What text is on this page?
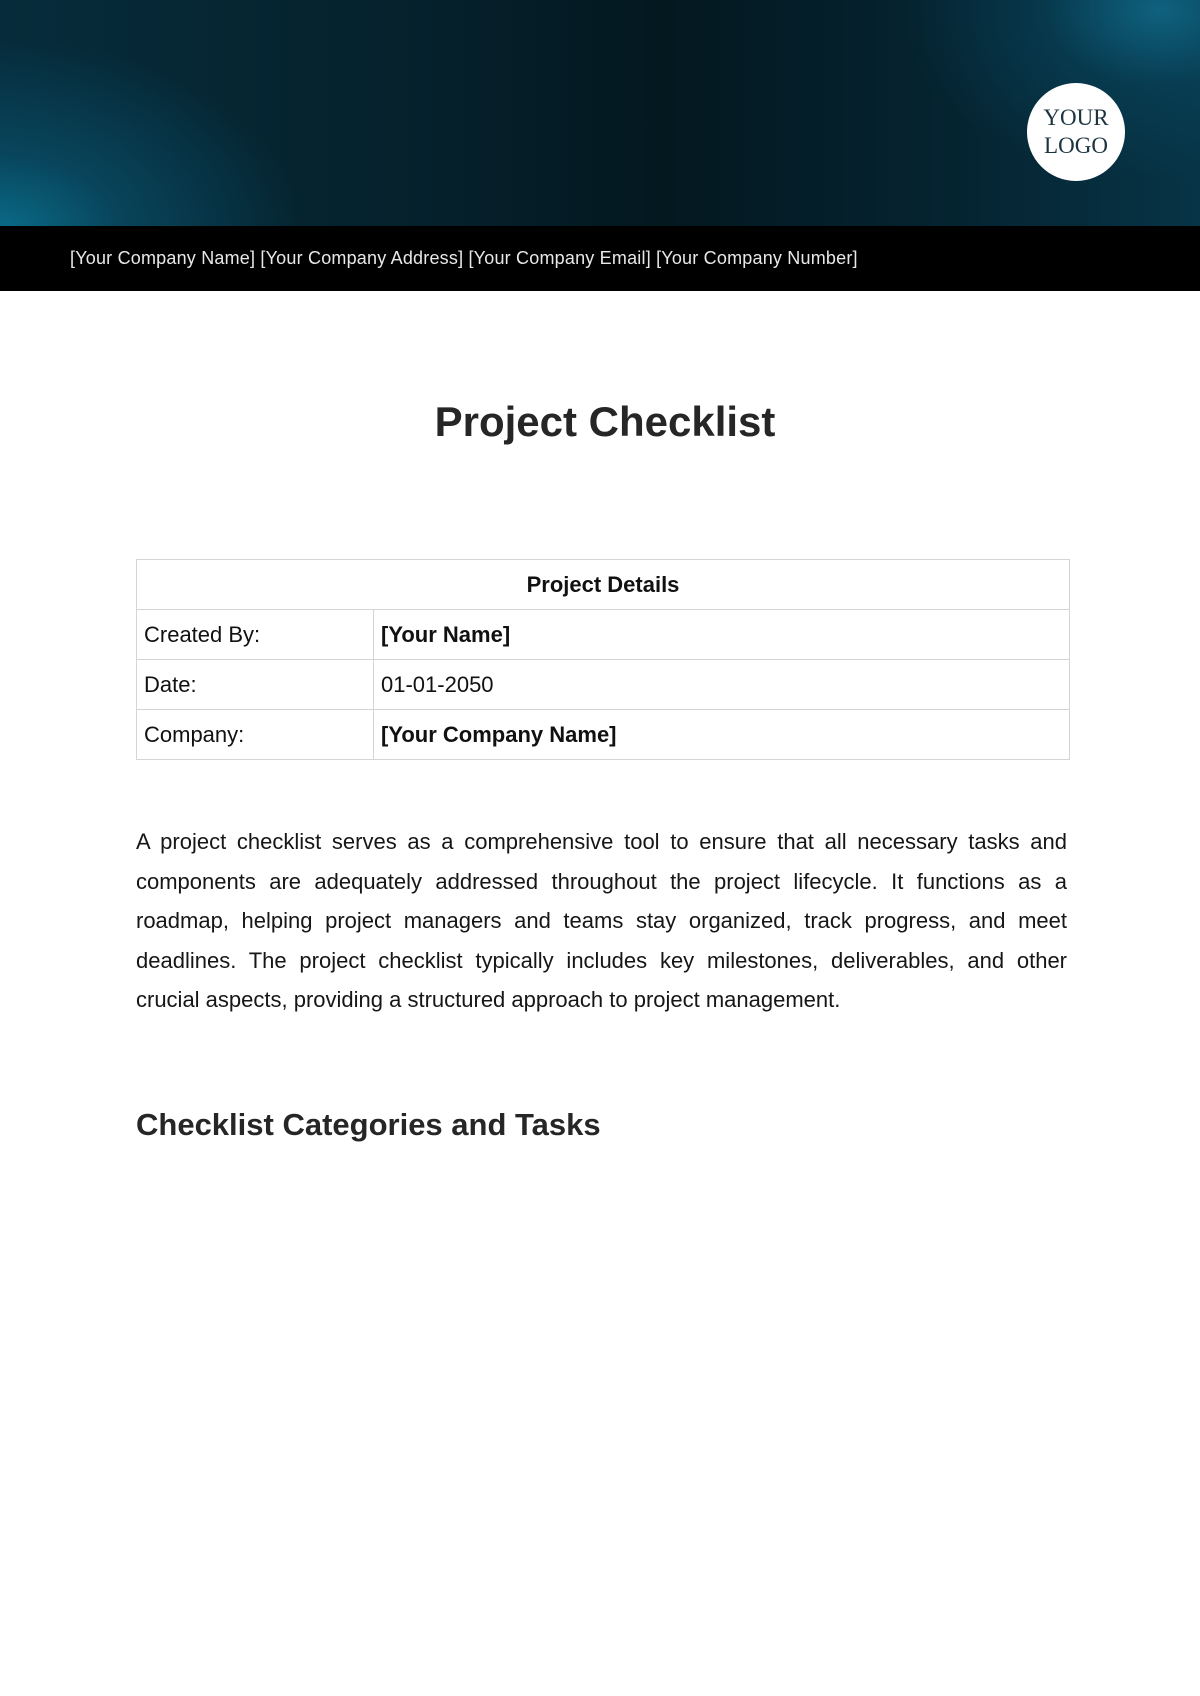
YOUR
LOGO
[Your Company Name] [Your Company Address] [Your Company Email] [Your Company Number]
Project Checklist
Project Details	
Created By:	[Your Name]
Date:	01-01-2050
Company:	[Your Company Name]

A project checklist serves as a comprehensive tool to ensure that all necessary tasks and components are adequately addressed throughout the project lifecycle. It functions as a roadmap, helping project managers and teams stay organized, track progress, and meet deadlines. The project checklist typically includes key milestones, deliverables, and other crucial aspects, providing a structured approach to project management.

Checklist Categories and Tasks
